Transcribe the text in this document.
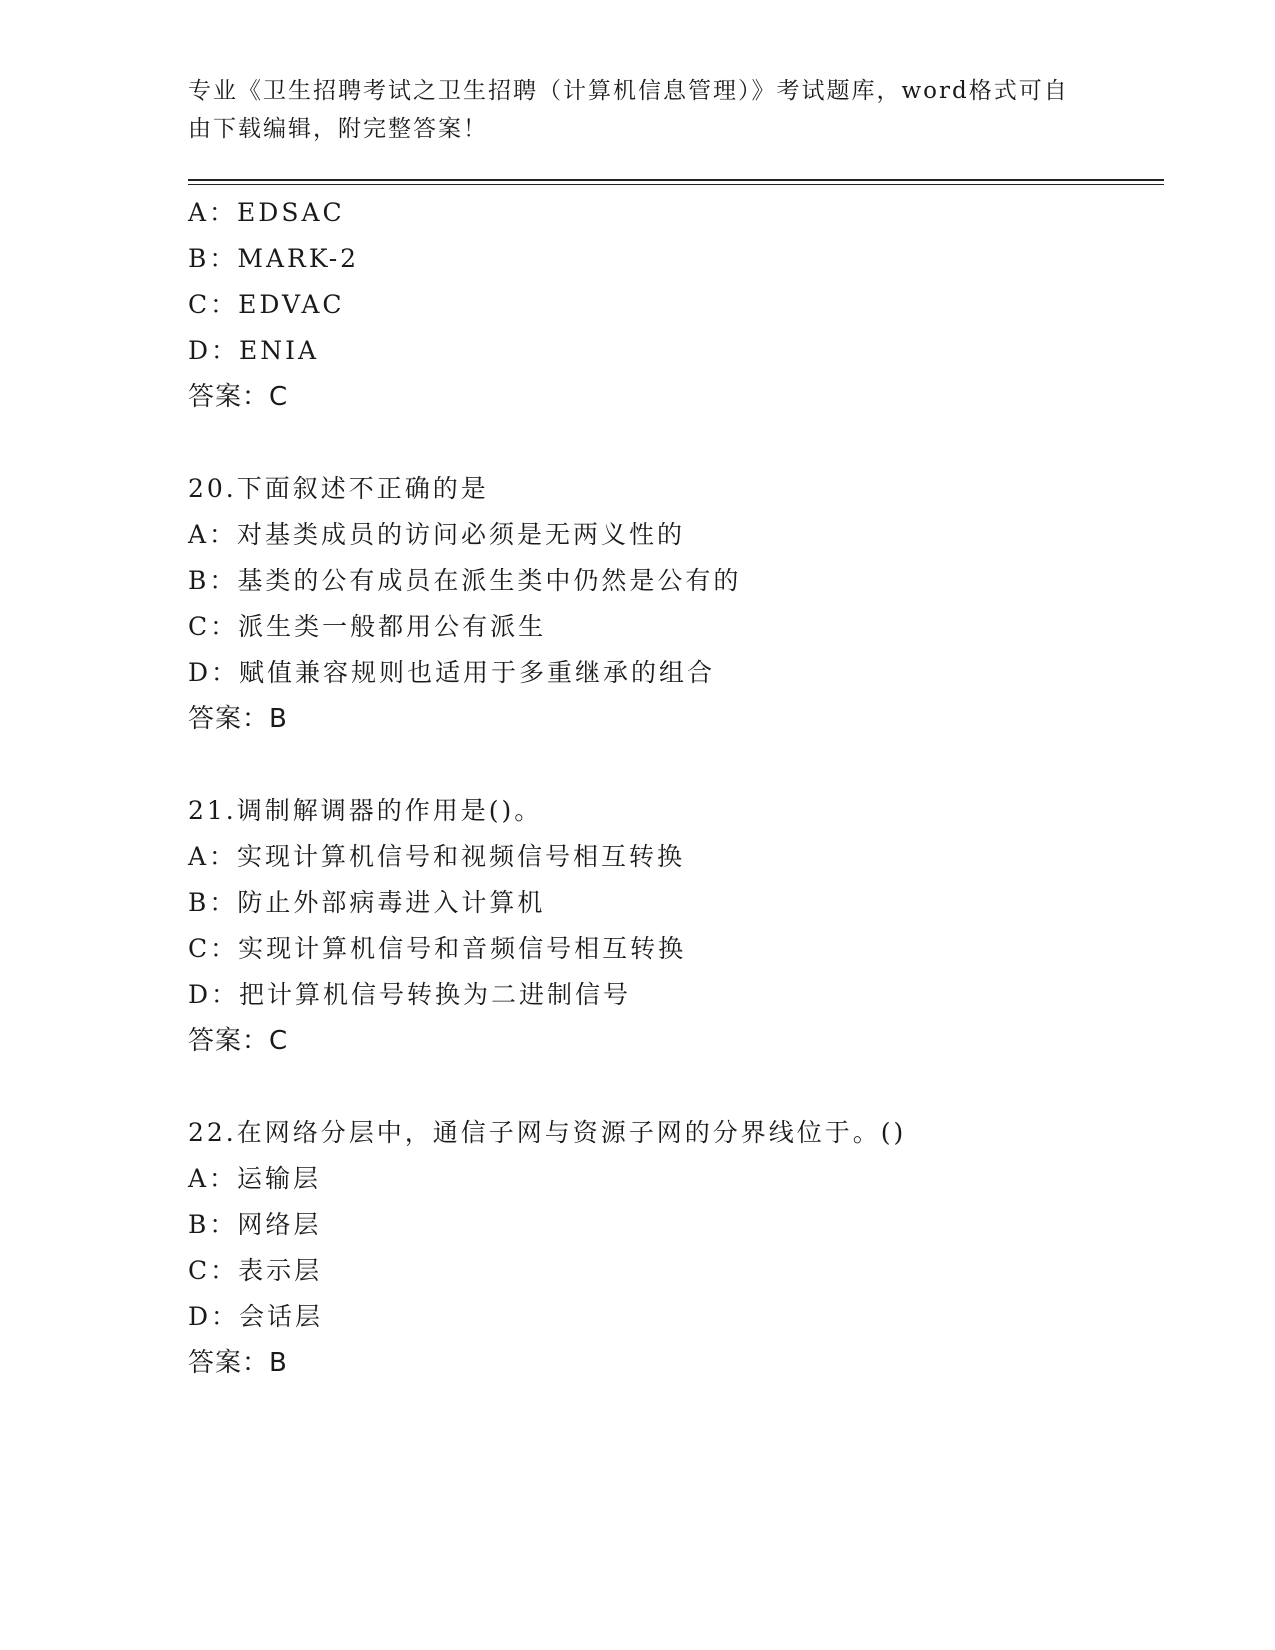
专业《卫生招聘考试之卫生招聘（计算机信息管理）》考试题库，word格式可自
由下载编辑，附完整答案！
A：EDSAC
B：MARK-2
C：EDVAC
D：ENIA
答案：C
20.下面叙述不正确的是
A：对基类成员的访问必须是无两义性的
B：基类的公有成员在派生类中仍然是公有的
C：派生类一般都用公有派生
D：赋值兼容规则也适用于多重继承的组合
答案：B
21.调制解调器的作用是()。
A：实现计算机信号和视频信号相互转换
B：防止外部病毒进入计算机
C：实现计算机信号和音频信号相互转换
D：把计算机信号转换为二进制信号
答案：C
22.在网络分层中，通信子网与资源子网的分界线位于。()
A：运输层
B：网络层
C：表示层
D：会话层
答案：B
